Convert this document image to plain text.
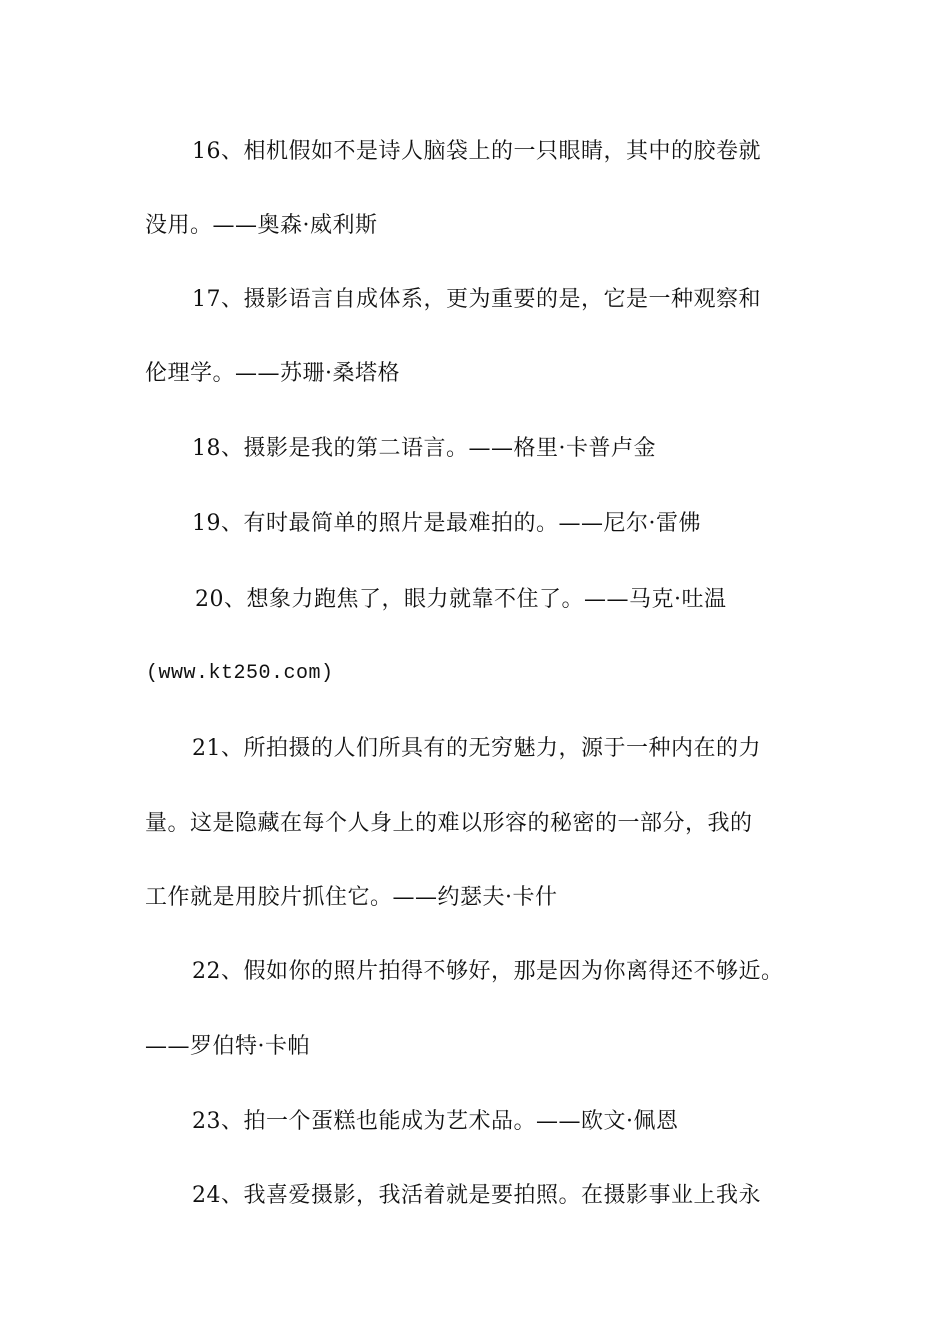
16、相机假如不是诗人脑袋上的一只眼睛，其中的胶卷就
没用。——奥森·威利斯
17、摄影语言自成体系，更为重要的是，它是一种观察和
伦理学。——苏珊·桑塔格
18、摄影是我的第二语言。——格里·卡普卢金
19、有时最简单的照片是最难拍的。——尼尔·雷佛
20、想象力跑焦了，眼力就靠不住了。——马克·吐温
(www.kt250.com)
21、所拍摄的人们所具有的无穷魅力，源于一种内在的力
量。这是隐藏在每个人身上的难以形容的秘密的一部分，我的
工作就是用胶片抓住它。——约瑟夫·卡什
22、假如你的照片拍得不够好，那是因为你离得还不够近。
——罗伯特·卡帕
23、拍一个蛋糕也能成为艺术品。——欧文·佩恩
24、我喜爱摄影，我活着就是要拍照。在摄影事业上我永
